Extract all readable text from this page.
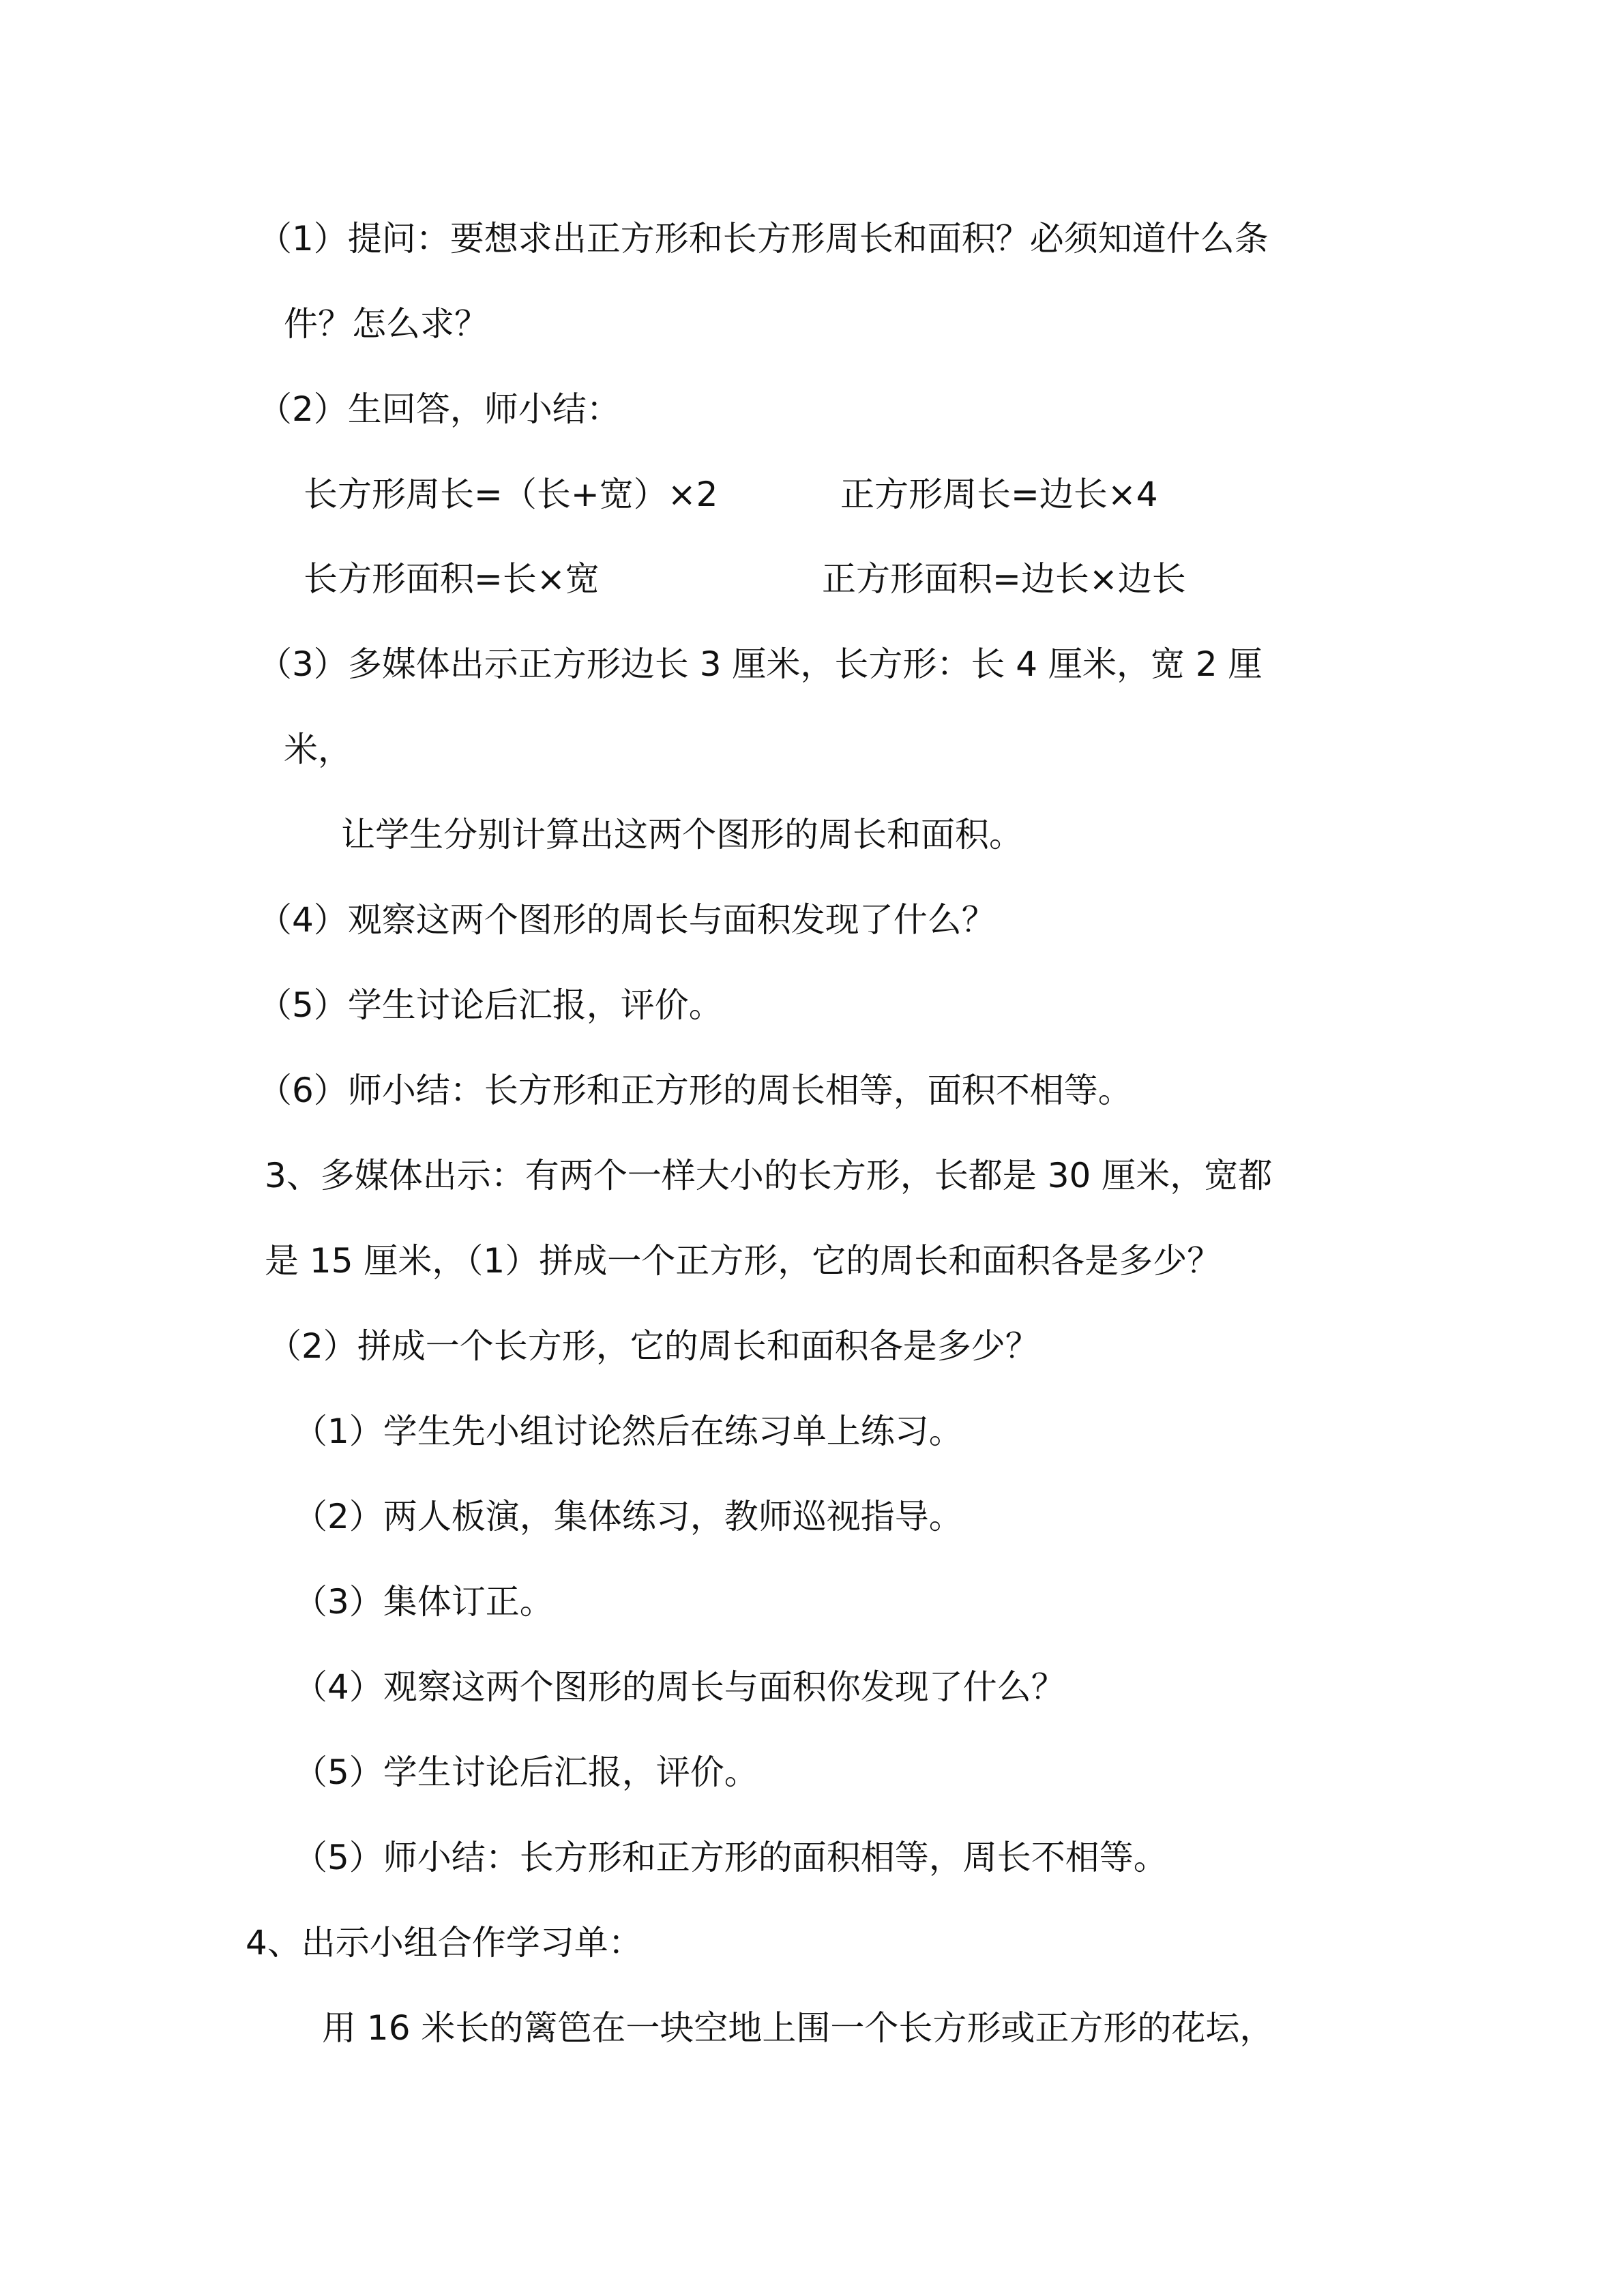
（1）提问：要想求出正方形和长方形周长和面积？必须知道什么条
件？怎么求？
（2）生回答，师小结：
长方形周长=（长+宽）×2	正方形周长=边长×4
长方形面积=长×宽	正方形面积=边长×边长
（3）多媒体出示正方形边长 3 厘米，长方形：长 4 厘米，宽 2 厘
米，
让学生分别计算出这两个图形的周长和面积。
（4）观察这两个图形的周长与面积发现了什么？
（5）学生讨论后汇报，评价。
（6）师小结：长方形和正方形的周长相等，面积不相等。
3、多媒体出示：有两个一样大小的长方形，长都是 30 厘米，宽都
是 15 厘米，（1）拼成一个正方形，它的周长和面积各是多少？
（2）拼成一个长方形，它的周长和面积各是多少？
（1）学生先小组讨论然后在练习单上练习。
（2）两人板演，集体练习，教师巡视指导。
（3）集体订正。
（4）观察这两个图形的周长与面积你发现了什么？
（5）学生讨论后汇报，评价。
（5）师小结：长方形和正方形的面积相等，周长不相等。
4、出示小组合作学习单：
用 16 米长的篱笆在一块空地上围一个长方形或正方形的花坛，
